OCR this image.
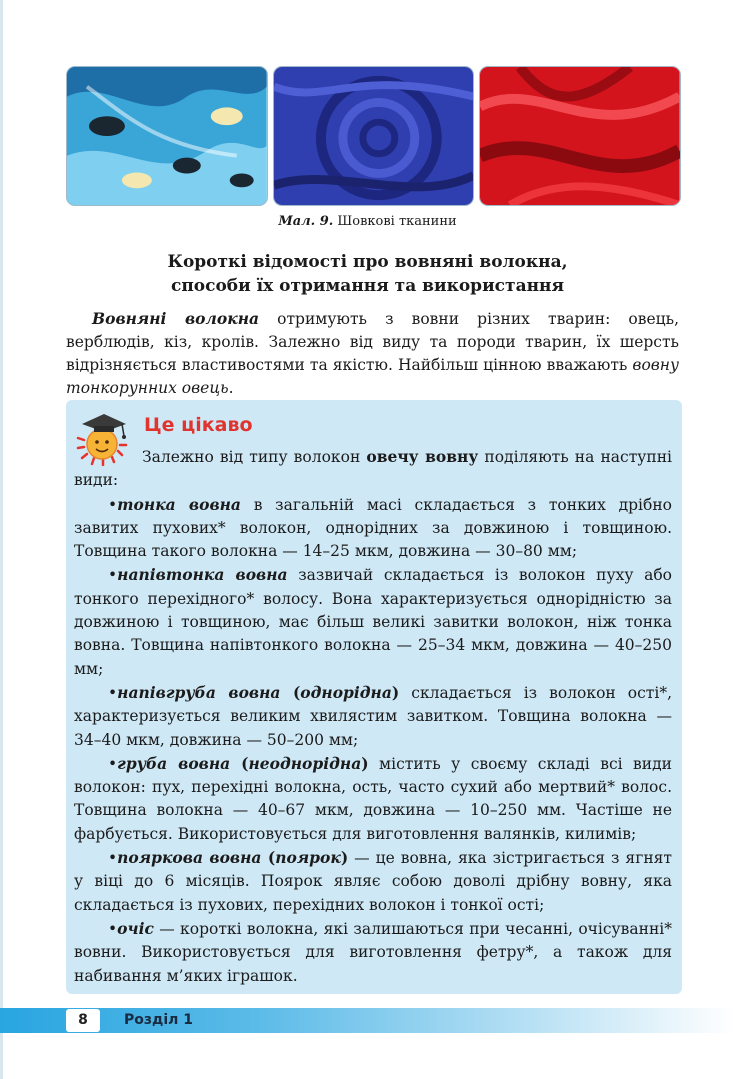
Мал. 9. Шовкові тканини
Короткі відомості про вовняні волокна,
способи їх отримання та використання

Вовняні волокна отримують з вовни різних тварин: овець, верблюдів, кіз, кролів. Залежно від виду та породи тварин, їх шерсть відрізняється властивостями та якістю. Найбільш цінною вважають вовну тонкорунних овець.

Це цікаво

Залежно від типу волокон овечу вовну поділяють на наступні види:

•тонка вовна в загальній масі складається з тонких дрібно завитих пухових* волокон, однорідних за довжиною і товщиною. Товщина такого волокна — 14–25 мкм, довжина — 30–80 мм;

•напівтонка вовна зазвичай складається із волокон пуху або тонкого перехідного* волосу. Вона характеризується однорідністю за довжиною і товщиною, має більш великі завитки волокон, ніж тонка вовна. Товщина напівтонкого волокна — 25–34 мкм, довжина — 40–250 мм;

•напівгруба вовна (однорідна) складається із волокон ості*, характеризується великим хвилястим завитком. Товщина волокна — 34–40 мкм, довжина — 50–200 мм;

•груба вовна (неоднорідна) містить у своєму складі всі види волокон: пух, перехідні волокна, ость, часто сухий або мертвий* волос. Товщина волокна — 40–67 мкм, довжина — 10–250 мм. Частіше не фарбується. Використовується для виготовлення валянків, килимів;

•пояркова вовна (поярок) — це вовна, яка зістригається з ягнят у віці до 6 місяців. Поярок являє собою доволі дрібну вовну, яка складається із пухових, перехідних волокон і тонкої ості;

•очіс — короткі волокна, які залишаються при чесанні, очісуванні* вовни. Використовується для виготовлення фетру*, а також для набивання м’яких іграшок.

8	Розділ 1
